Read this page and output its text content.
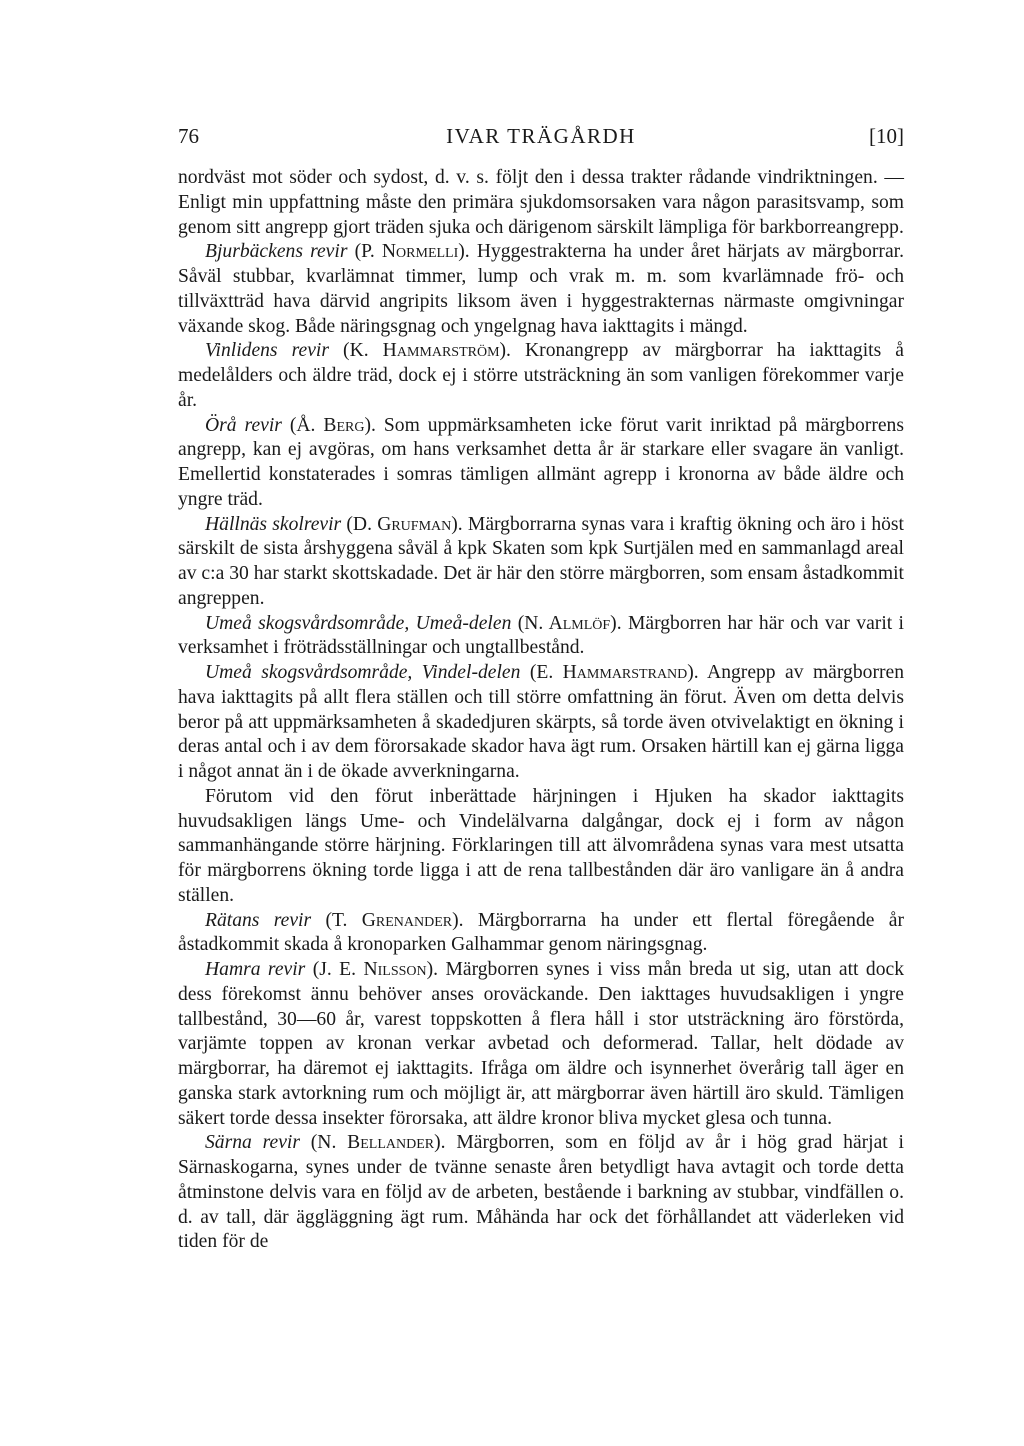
76	IVAR TRÄGÅRDH	[10]

nordväst mot söder och sydost, d. v. s. följt den i dessa trakter rådande vindriktningen. — Enligt min uppfattning måste den primära sjukdomsorsaken vara någon parasitsvamp, som genom sitt angrepp gjort träden sjuka och därigenom särskilt lämpliga för barkborreangrepp.

Bjurbäckens revir (P. Normelli). Hyggestrakterna ha under året härjats av märgborrar. Såväl stubbar, kvarlämnat timmer, lump och vrak m. m. som kvarlämnade frö- och tillväxtträd hava därvid angripits liksom även i hyggestrakternas närmaste omgivningar växande skog. Både näringsgnag och yngelgnag hava iakttagits i mängd.

Vinlidens revir (K. Hammarström). Kronangrepp av märgborrar ha iakttagits å medelålders och äldre träd, dock ej i större utsträckning än som vanligen förekommer varje år.

Örå revir (Å. Berg). Som uppmärksamheten icke förut varit inriktad på märgborrens angrepp, kan ej avgöras, om hans verksamhet detta år är starkare eller svagare än vanligt. Emellertid konstaterades i somras tämligen allmänt agrepp i kronorna av både äldre och yngre träd.

Hällnäs skolrevir (D. Grufman). Märgborrarna synas vara i kraftig ökning och äro i höst särskilt de sista årshyggena såväl å kpk Skaten som kpk Surtjälen med en sammanlagd areal av c:a 30 har starkt skottskadade. Det är här den större märgborren, som ensam åstadkommit angreppen.

Umeå skogsvårdsområde, Umeå-delen (N. Almlöf). Märgborren har här och var varit i verksamhet i fröträdsställningar och ungtallbestånd.

Umeå skogsvårdsområde, Vindel-delen (E. Hammarstrand). Angrepp av märgborren hava iakttagits på allt flera ställen och till större omfattning än förut. Även om detta delvis beror på att uppmärksamheten å skadedjuren skärpts, så torde även otvivelaktigt en ökning i deras antal och i av dem förorsakade skador hava ägt rum. Orsaken härtill kan ej gärna ligga i något annat än i de ökade avverkningarna.

Förutom vid den förut inberättade härjningen i Hjuken ha skador iakttagits huvudsakligen längs Ume- och Vindelälvarna dalgångar, dock ej i form av någon sammanhängande större härjning. Förklaringen till att älvområdena synas vara mest utsatta för märgborrens ökning torde ligga i att de rena tallbestånden där äro vanligare än å andra ställen.

Rätans revir (T. Grenander). Märgborrarna ha under ett flertal föregående år åstadkommit skada å kronoparken Galhammar genom näringsgnag.

Hamra revir (J. E. Nilsson). Märgborren synes i viss mån breda ut sig, utan att dock dess förekomst ännu behöver anses oroväckande. Den iakttages huvudsakligen i yngre tallbestånd, 30—60 år, varest toppskotten å flera håll i stor utsträckning äro förstörda, varjämte toppen av kronan verkar avbetad och deformerad. Tallar, helt dödade av märgborrar, ha däremot ej iakttagits. Ifråga om äldre och isynnerhet överårig tall äger en ganska stark avtorkning rum och möjligt är, att märgborrar även härtill äro skuld. Tämligen säkert torde dessa insekter förorsaka, att äldre kronor bliva mycket glesa och tunna.

Särna revir (N. Bellander). Märgborren, som en följd av år i hög grad härjat i Särnaskogarna, synes under de tvänne senaste åren betydligt hava avtagit och torde detta åtminstone delvis vara en följd av de arbeten, bestående i barkning av stubbar, vindfällen o. d. av tall, där äggläggning ägt rum. Måhända har ock det förhållandet att väderleken vid tiden för de
